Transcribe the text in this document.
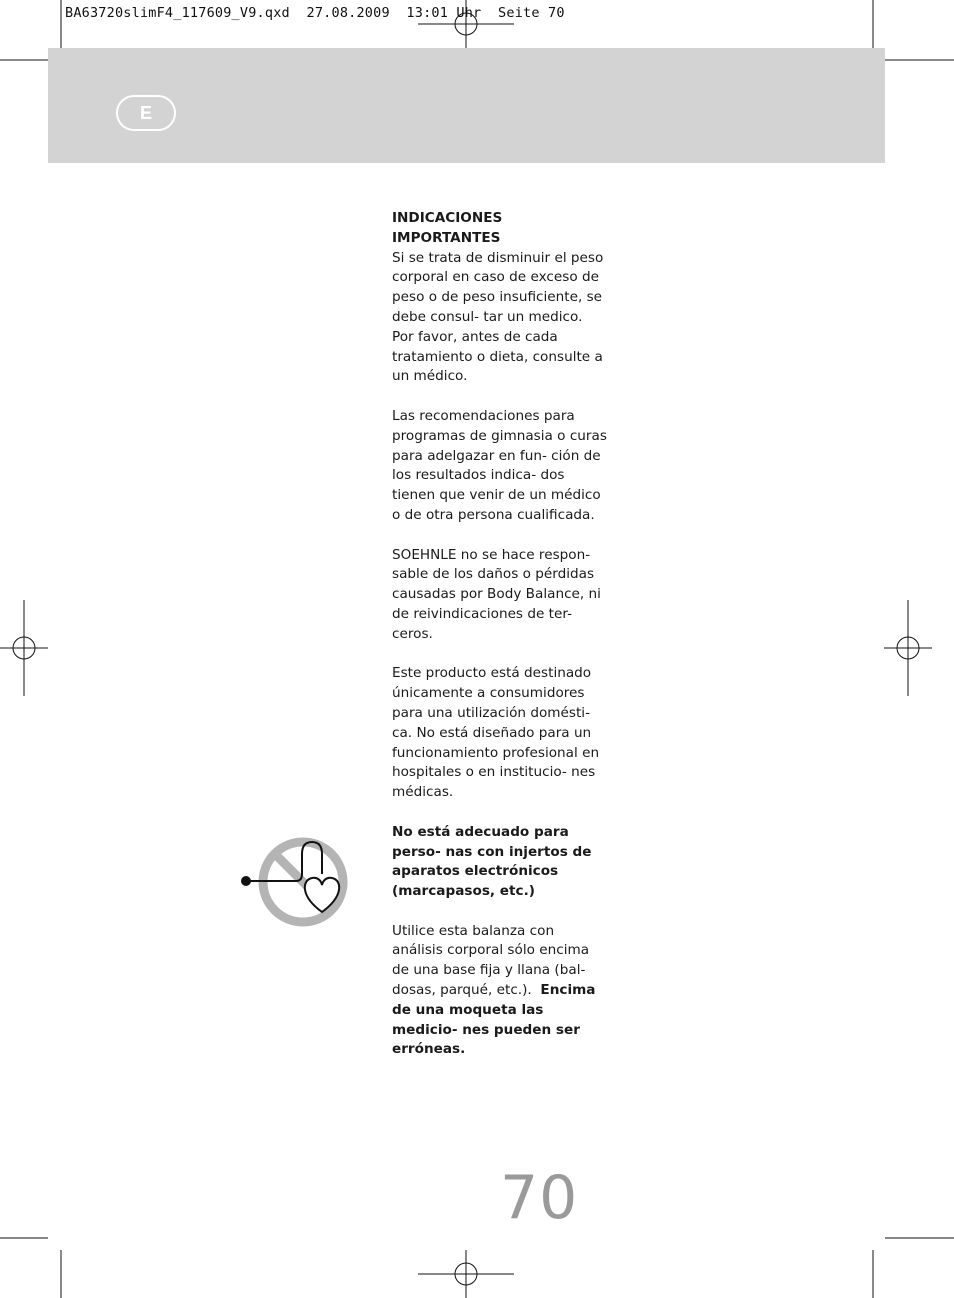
BA63720slimF4_117609_V9.qxd  27.08.2009  13:01 Uhr  Seite 70
E
INDICACIONES
IMPORTANTES

Si se trata de disminuir el peso corporal en caso de exceso de peso o de peso insuficiente, se debe consul- tar un medico. Por favor, antes de cada tratamiento o dieta, consulte a un médico.

Las recomendaciones para programas de gimnasia o curas para adelgazar en fun- ción de los resultados indica- dos tienen que venir de un médico o de otra persona cualificada.

SOEHNLE no se hace respon- sable de los daños o pérdidas causadas por Body Balance, ni de reivindicaciones de ter- ceros.

Este producto está destinado únicamente a consumidores para una utilización domésti- ca. No está diseñado para un funcionamiento profesional en hospitales o en institucio- nes médicas.

No está adecuado para perso- nas con injertos de aparatos electrónicos (marcapasos, etc.)

Utilice esta balanza con análisis corporal sólo encima de una base fija y llana (bal- dosas, parqué, etc.). Encima de una moqueta las medicio- nes pueden ser erróneas.

70
